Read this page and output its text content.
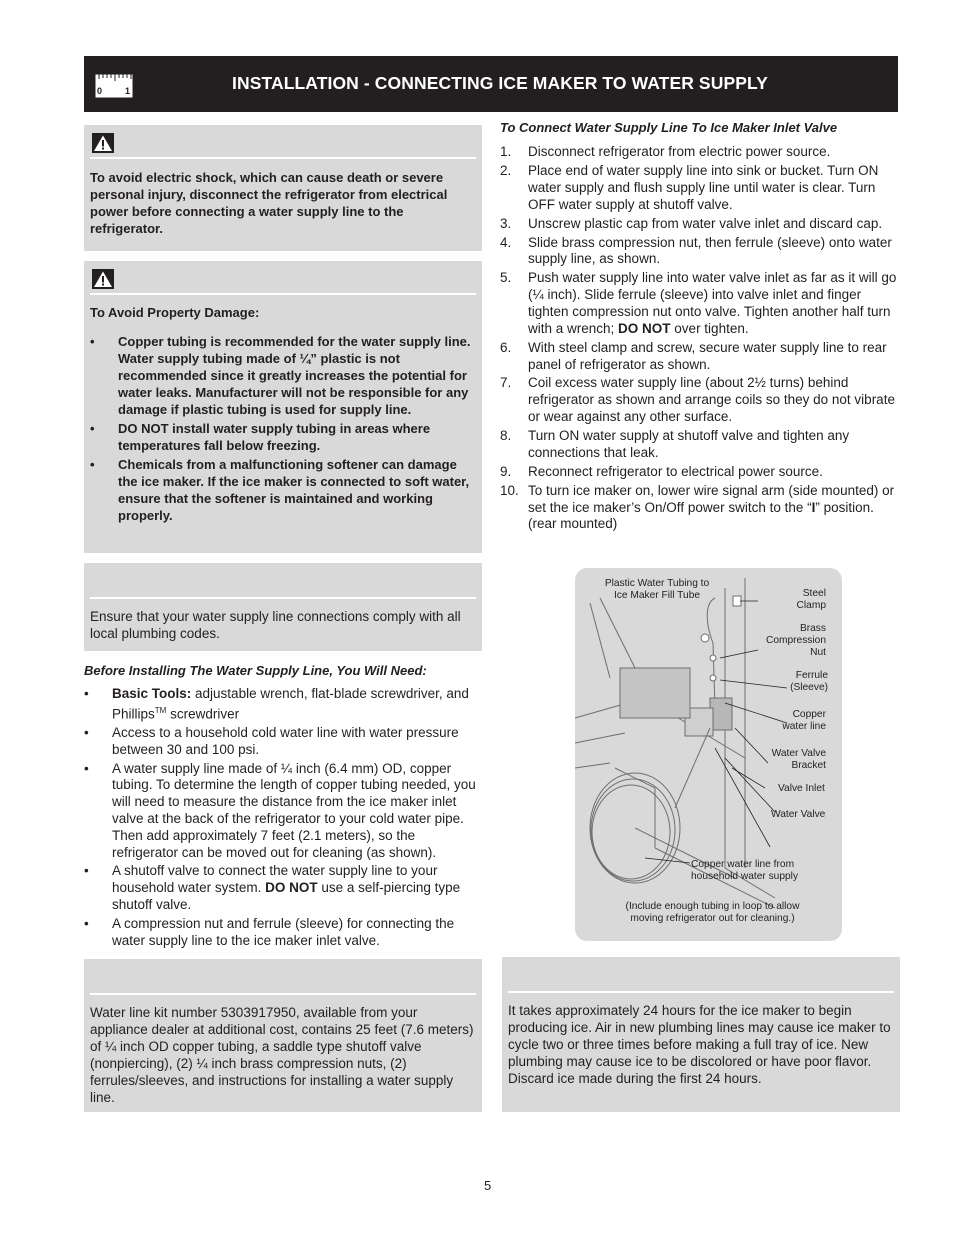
0	1	INSTALLATION - CONNECTING ICE MAKER TO WATER SUPPLY
To avoid electric shock, which can cause death or severe personal injury, disconnect the refrigerator from electrical power before connecting a water supply line to the refrigerator.
To Avoid Property Damage:
• Copper tubing is recommended for the water supply line. Water supply tubing made of ¼” plastic is not recommended since it greatly increases the potential for water leaks. Manufacturer will not be responsible for any damage if plastic tubing is used for supply line.
• DO NOT install water supply tubing in areas where temperatures fall below freezing.
• Chemicals from a malfunctioning softener can damage the ice maker. If the ice maker is connected to soft water, ensure that the softener is maintained and working properly.
Ensure that your water supply line connections comply with all local plumbing codes.
Before Installing The Water Supply Line, You Will Need:
• Basic Tools: adjustable wrench, flat-blade screwdriver, and Phillips™ screwdriver
• Access to a household cold water line with water pressure between 30 and 100 psi.
• A water supply line made of ¼ inch (6.4 mm) OD, copper tubing. To determine the length of copper tubing needed, you will need to measure the distance from the ice maker inlet valve at the back of the refrigerator to your cold water pipe. Then add approximately 7 feet (2.1 meters), so the refrigerator can be moved out for cleaning (as shown).
• A shutoff valve to connect the water supply line to your household water system. DO NOT use a self-piercing type shutoff valve.
• A compression nut and ferrule (sleeve) for connecting the water supply line to the ice maker inlet valve.
To Connect Water Supply Line To Ice Maker Inlet Valve
1. Disconnect refrigerator from electric power source.
2. Place end of water supply line into sink or bucket. Turn ON water supply and flush supply line until water is clear. Turn OFF water supply at shutoff valve.
3. Unscrew plastic cap from water valve inlet and discard cap.
4. Slide brass compression nut, then ferrule (sleeve) onto water supply line, as shown.
5. Push water supply line into water valve inlet as far as it will go (¼ inch). Slide ferrule (sleeve) into valve inlet and finger tighten compression nut onto valve. Tighten another half turn with a wrench; DO NOT over tighten.
6. With steel clamp and screw, secure water supply line to rear panel of refrigerator as shown.
7. Coil excess water supply line (about 2½ turns) behind refrigerator as shown and arrange coils so they do not vibrate or wear against any other surface.
8. Turn ON water supply at shutoff valve and tighten any connections that leak.
9. Reconnect refrigerator to electrical power source.
10. To turn ice maker on, lower wire signal arm (side mounted) or set the ice maker’s On/Off power switch to the “I” position. (rear mounted)
Plastic Water Tubing to Ice Maker Fill Tube	Steel Clamp
Brass Compression Nut
Ferrule (Sleeve)
Copper water line
Water Valve Bracket
Valve Inlet
Water Valve
Copper water line from household water supply
(Include enough tubing in loop to allow moving refrigerator out for cleaning.)
Water line kit number 5303917950, available from your appliance dealer at additional cost, contains 25 feet (7.6 meters) of ¼ inch OD copper tubing, a saddle type shutoff valve (nonpiercing), (2) ¼ inch brass compression nuts, (2) ferrules/sleeves, and instructions for installing a water supply line.
It takes approximately 24 hours for the ice maker to begin producing ice. Air in new plumbing lines may cause ice maker to cycle two or three times before making a full tray of ice. New plumbing may cause ice to be discolored or have poor flavor. Discard ice made during the first 24 hours.
5
